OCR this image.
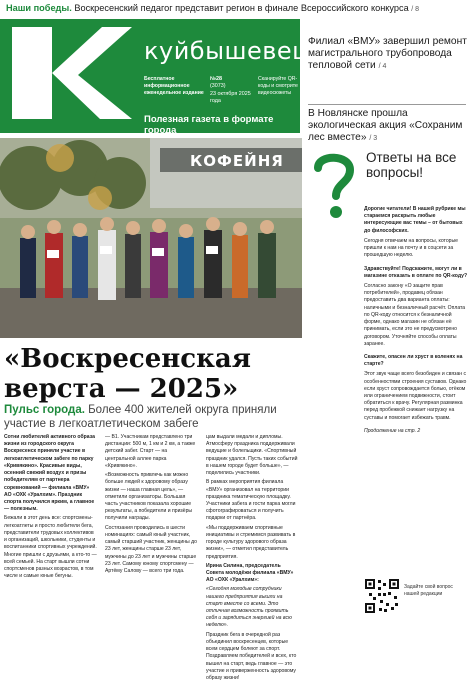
Наши победы. Воскресенский педагог представит регион в финале Всероссийского конкурса / 8
куйбышевец
Бесплатное информационное еженедельное издание
№28
(3073)
23 октября 2025 года
Сканируйте QR-коды и смотрите видеосюжеты
Полезная газета в формате города
Филиал «ВМУ» завершил ремонт магистрального трубопровода тепловой сети / 4
В Новлянске прошла экологическая акция «Сохраним лес вместе» / 3
КОФЕЙНЯ
«Воскресенская верста — 2025»
Пульс города. Более 400 жителей округа приняли участие в легкоатлетическом забеге
Сотни любителей активного образа жизни из городского округа Воскресенск приняли участие в легкоатлетическом забеге по парку «Кривякино». Красивые виды, осенний свежий воздух и призы победителям от партнера соревнований — филиала «ВМУ» АО «ОХК «Уралхим». Праздник спорта получился ярким, а главное — полезным.
Бежали в этот день все: спортсмены-легкоатлеты и просто любители бега, представители трудовых коллективов и организаций, школьники, студенты и воспитанники спортивных учреждений. Многие пришли с друзьями, а кто-то — всей семьей. На старт вышли сотни спортсменов разных возрастов, в том числе и самые юные бегуны.
— В1. Участникам представлено три дистанции: 500 м, 1 км и 2 км, а также детский забег. Старт — на центральной аллее парка «Кривякино».
«Возможность привлечь как можно больше людей к здоровому образу жизни — наша главная цель», — отметили организаторы. Большая часть участников показала хорошие результаты, а победители и призёры получили награды.
Состязания проводились в шести номинациях: самый юный участник, самый старший участник, женщины до 23 лет, женщины старше 23 лет, мужчины до 23 лет и мужчины старше 23 лет. Самому юному спортсмену — Артёму Салову — всего три года.
цам выдали медали и дипломы. Атмосферу праздника поддерживали ведущие и болельщики. «Спортивный праздник удался. Пусть таких событий в нашем городе будет больше», — поделились участники.
В рамках мероприятия филиала «ВМУ» организовал на территории праздника тематическую площадку. Участники забега и гости парка могли сфотографироваться и получить подарки от партнёра.
«Мы поддерживаем спортивные инициативы и стремимся развивать в городе культуру здорового образа жизни», — отметил представитель предприятия.
Ирина Силина, председатель Совета молодёжи филиала «ВМУ» АО «ОХК «Уралхим»:
«Сегодня молодые сотрудники нашего предприятия вышли на старт вместе со всеми. Это отличная возможность проявить себя и зарядиться энергией на всю неделю».
Праздник бега в очередной раз объединил воскресенцев, которые всем сердцем болеют за спорт. Поздравляем победителей и всех, кто вышел на старт, ведь главное — это участие и приверженность здоровому образу жизни!
Ответы на все вопросы!
Дорогие читатели! В нашей рубрике мы стараемся раскрыть любые интересующие вас темы – от бытовых до философских.
Сегодня отвечаем на вопросы, которые пришли к нам на почту и в соцсети за прошедшую неделю.
Здравствуйте! Подскажите, могут ли в магазине отказать в оплате по QR-коду?
Согласно закону «О защите прав потребителей», продавец обязан предоставить два варианта оплаты: наличными и безналичный расчёт. Оплата по QR-коду относится к безналичной форме, однако магазин не обязан её принимать, если это не предусмотрено договором. Уточняйте способы оплаты заранее.
Скажите, опасен ли хруст в коленях на старте?
Этот звук чаще всего безобиден и связан с особенностями строения суставов. Однако если хруст сопровождается болью, отёком или ограничением подвижности, стоит обратиться к врачу. Регулярная разминка перед пробежкой снижает нагрузку на суставы и помогает избежать травм.
Продолжение на стр. 2
Задайте свой вопрос нашей редакции
